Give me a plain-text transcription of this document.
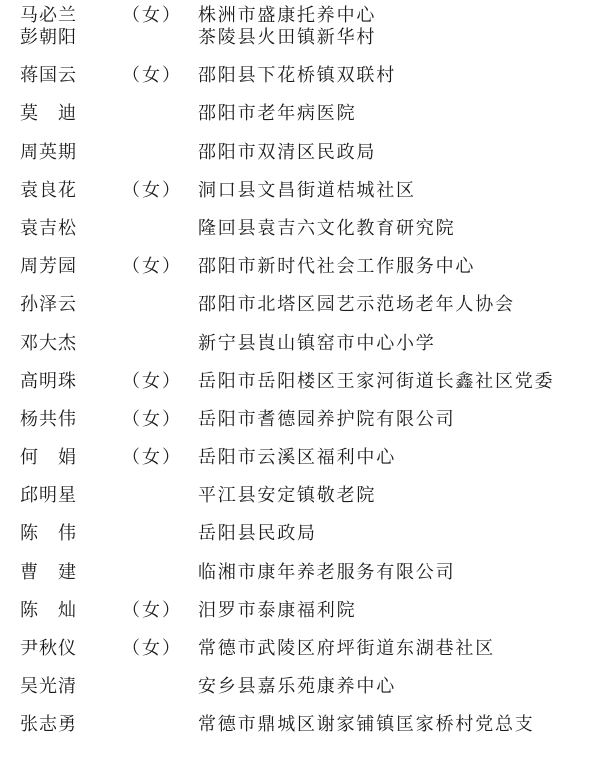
马必兰	（女） 株洲市盛康托养中心
彭朝阳	茶陵县火田镇新华村
蒋国云	（女） 邵阳县下花桥镇双联村
莫　迪	邵阳市老年病医院
周英期	邵阳市双清区民政局
袁良花	（女） 洞口县文昌街道桔城社区
袁吉松	隆回县袁吉六文化教育研究院
周芳园	（女） 邵阳市新时代社会工作服务中心
孙泽云	邵阳市北塔区园艺示范场老年人协会
邓大杰	新宁县崀山镇窑市中心小学
高明珠	（女） 岳阳市岳阳楼区王家河街道长鑫社区党委
杨共伟	（女） 岳阳市耆德园养护院有限公司
何　娟	（女） 岳阳市云溪区福利中心
邱明星	平江县安定镇敬老院
陈　伟	岳阳县民政局
曹　建	临湘市康年养老服务有限公司
陈　灿	（女） 汨罗市泰康福利院
尹秋仪	（女） 常德市武陵区府坪街道东湖巷社区
吴光清	安乡县嘉乐苑康养中心
张志勇	常德市鼎城区谢家铺镇匡家桥村党总支
